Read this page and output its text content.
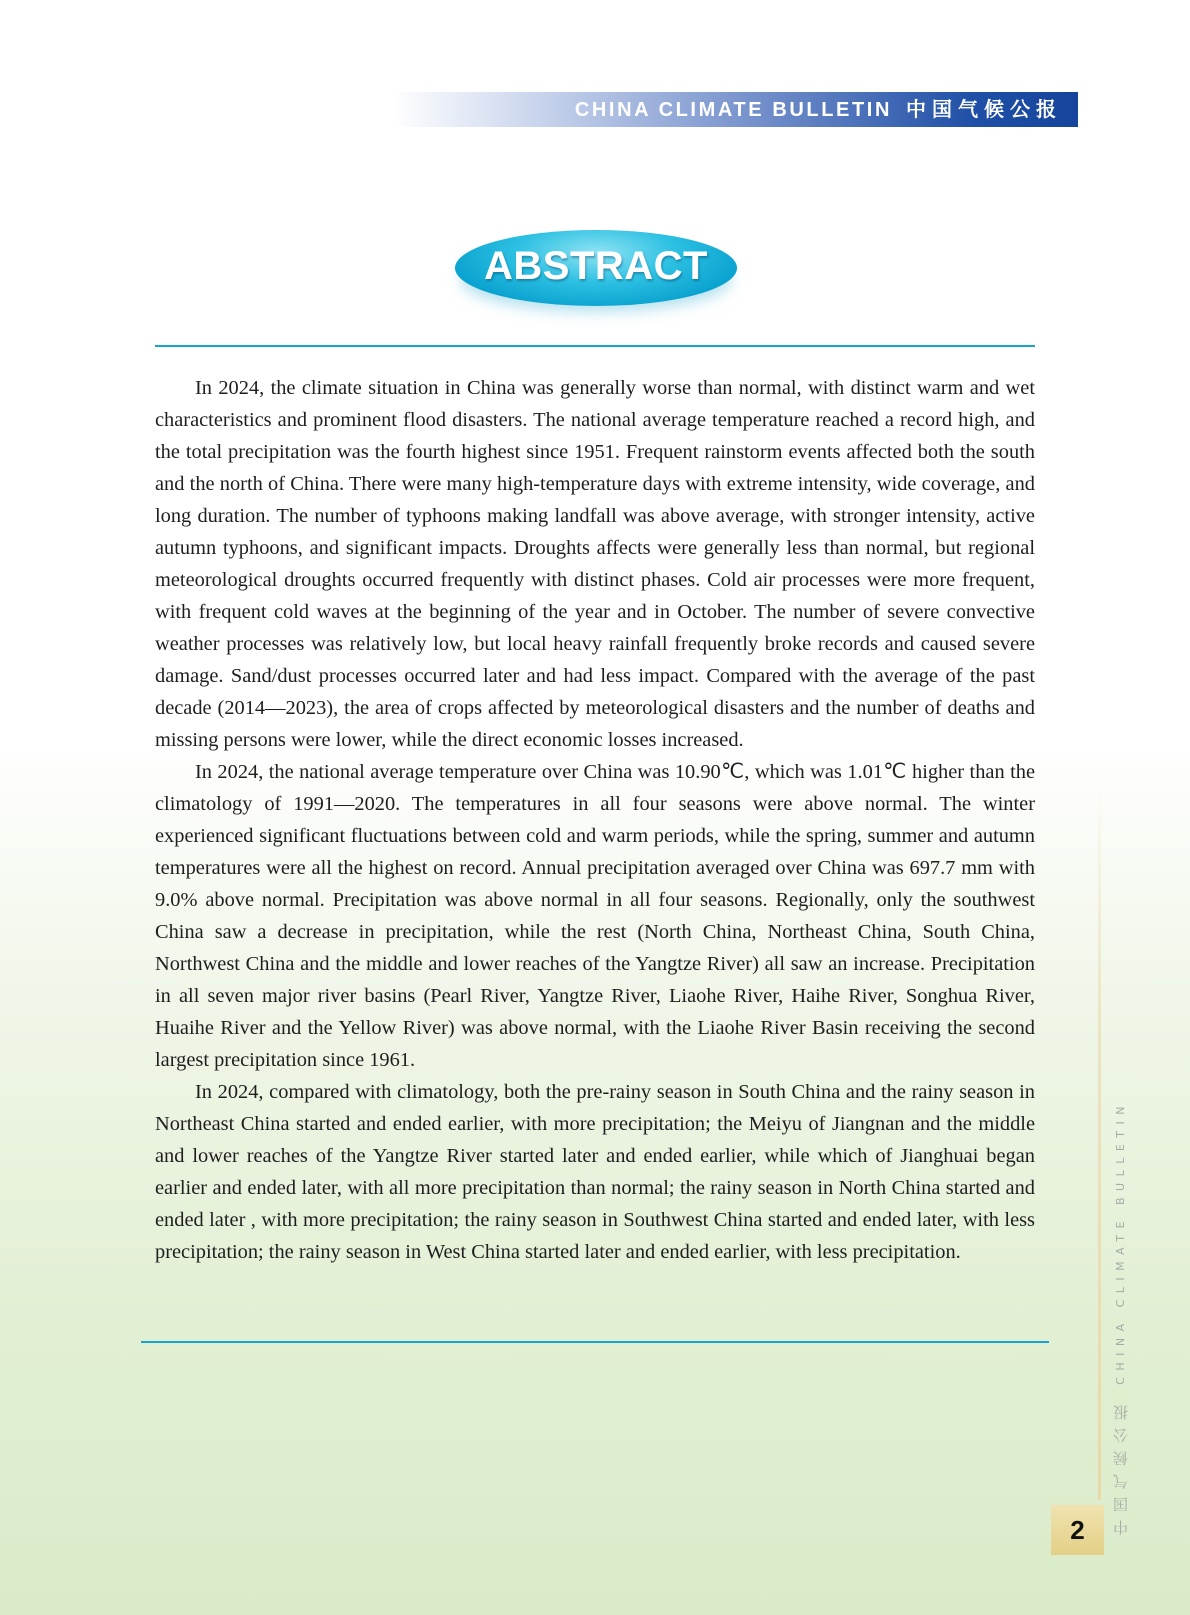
CHINA CLIMATE BULLETIN 中国气候公报
ABSTRACT

In 2024, the climate situation in China was generally worse than normal, with distinct warm and wet characteristics and prominent flood disasters. The national average temperature reached a record high, and the total precipitation was the fourth highest since 1951. Frequent rainstorm events affected both the south and the north of China. There were many high-temperature days with extreme intensity, wide coverage, and long duration. The number of typhoons making landfall was above average, with stronger intensity, active autumn typhoons, and significant impacts. Droughts affects were generally less than normal, but regional meteorological droughts occurred frequently with distinct phases. Cold air processes were more frequent, with frequent cold waves at the beginning of the year and in October. The number of severe convective weather processes was relatively low, but local heavy rainfall frequently broke records and caused severe damage. Sand/dust processes occurred later and had less impact. Compared with the average of the past decade (2014—2023), the area of crops affected by meteorological disasters and the number of deaths and missing persons were lower, while the direct economic losses increased.

In 2024, the national average temperature over China was 10.90℃, which was 1.01℃ higher than the climatology of 1991—2020. The temperatures in all four seasons were above normal. The winter experienced significant fluctuations between cold and warm periods, while the spring, summer and autumn temperatures were all the highest on record. Annual precipitation averaged over China was 697.7 mm with 9.0% above normal. Precipitation was above normal in all four seasons. Regionally, only the southwest China saw a decrease in precipitation, while the rest (North China, Northeast China, South China, Northwest China and the middle and lower reaches of the Yangtze River) all saw an increase. Precipitation in all seven major river basins (Pearl River, Yangtze River, Liaohe River, Haihe River, Songhua River, Huaihe River and the Yellow River) was above normal, with the Liaohe River Basin receiving the second largest precipitation since 1961.

In 2024, compared with climatology, both the pre-rainy season in South China and the rainy season in Northeast China started and ended earlier, with more precipitation; the Meiyu of Jiangnan and the middle and lower reaches of the Yangtze River started later and ended earlier, while which of Jianghuai began earlier and ended later, with all more precipitation than normal; the rainy season in North China started and ended later , with more precipitation; the rainy season in Southwest China started and ended later, with less precipitation; the rainy season in West China started later and ended earlier, with less precipitation.	CHINA CLIMATE BULLETIN
中国气候公报
2
